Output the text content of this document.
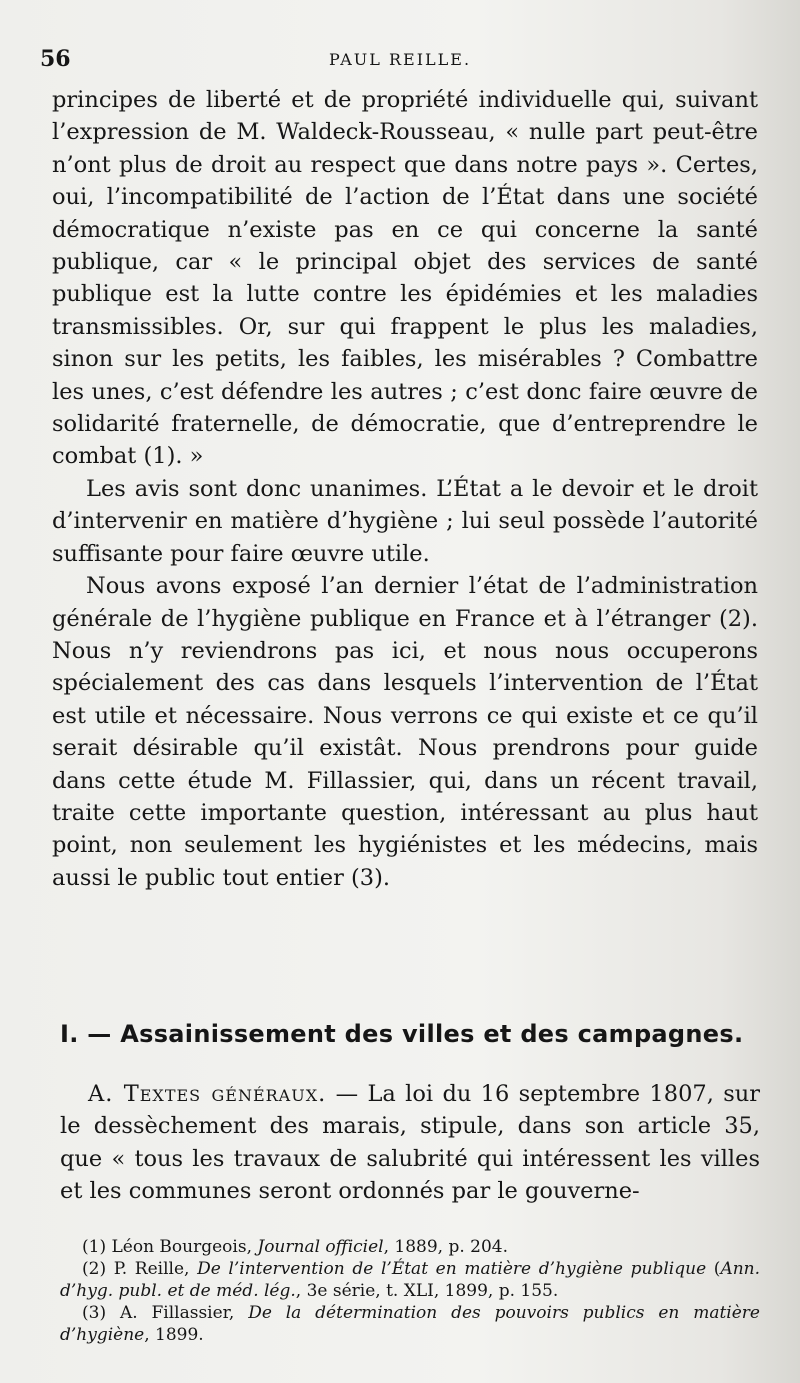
56	PAUL REILLE.

principes de liberté et de propriété individuelle qui, suivant l’expression de M. Waldeck-Rousseau, « nulle part peut-être n’ont plus de droit au respect que dans notre pays ». Certes, oui, l’incompatibilité de l’action de l’État dans une société démocratique n’existe pas en ce qui concerne la santé publique, car « le principal objet des services de santé publique est la lutte contre les épidémies et les maladies transmissibles. Or, sur qui frappent le plus les maladies, sinon sur les petits, les faibles, les misérables ? Combattre les unes, c’est défendre les autres ; c’est donc faire œuvre de solidarité fraternelle, de démocratie, que d’entreprendre le combat (1). »

Les avis sont donc unanimes. L’État a le devoir et le droit d’intervenir en matière d’hygiène ; lui seul possède l’autorité suffisante pour faire œuvre utile.

Nous avons exposé l’an dernier l’état de l’administration générale de l’hygiène publique en France et à l’étranger (2). Nous n’y reviendrons pas ici, et nous nous occuperons spécialement des cas dans lesquels l’intervention de l’État est utile et nécessaire. Nous verrons ce qui existe et ce qu’il serait désirable qu’il existât. Nous prendrons pour guide dans cette étude M. Fillassier, qui, dans un récent travail, traite cette importante question, intéressant au plus haut point, non seulement les hygiénistes et les médecins, mais aussi le public tout entier (3).

I. — Assainissement des villes et des campagnes.

A. Textes généraux. — La loi du 16 septembre 1807, sur le dessèchement des marais, stipule, dans son article 35, que « tous les travaux de salubrité qui intéressent les villes et les communes seront ordonnés par le gouverne-

(1) Léon Bourgeois, Journal officiel, 1889, p. 204.

(2) P. Reille, De l’intervention de l’État en matière d’hygiène publique (Ann. d’hyg. publ. et de méd. lég., 3e série, t. XLI, 1899, p. 155.

(3) A. Fillassier, De la détermination des pouvoirs publics en matière d’hygiène, 1899.
